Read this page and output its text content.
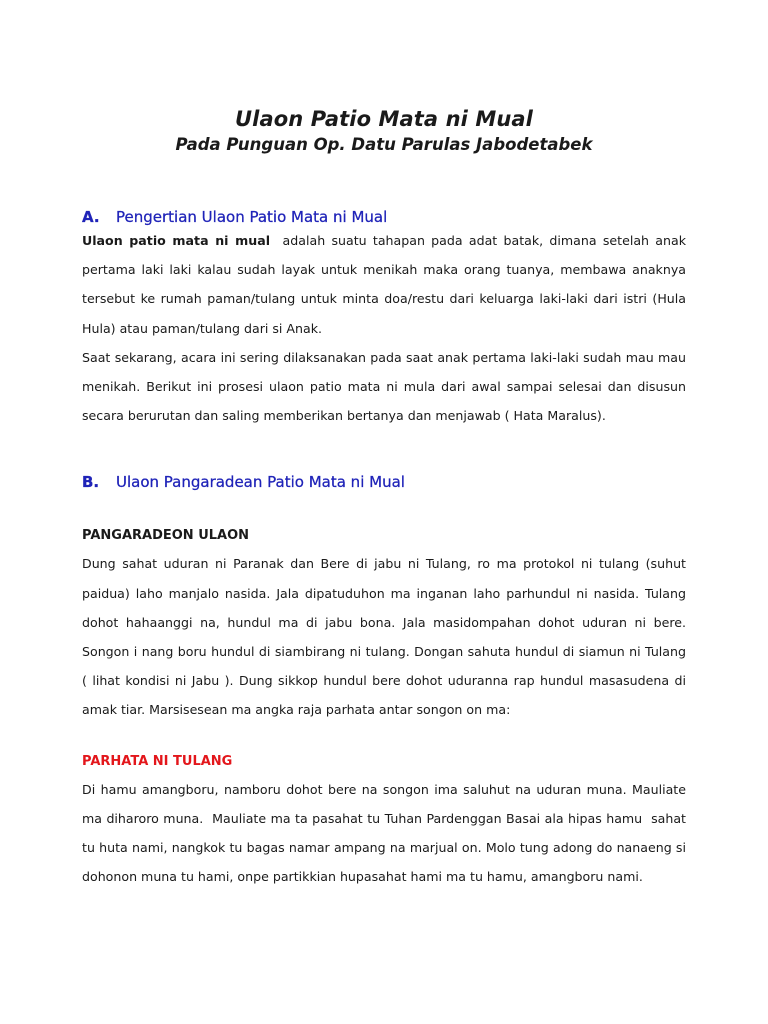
Ulaon Patio Mata ni Mual
Pada Punguan Op. Datu Parulas Jabodetabek
A.	Pengertian Ulaon Patio Mata ni Mual

Ulaon patio mata ni mual  adalah suatu tahapan pada adat batak, dimana setelah anak pertama laki laki kalau sudah layak untuk menikah maka orang tuanya, membawa anaknya tersebut ke rumah paman/tulang untuk minta doa/restu dari keluarga laki-laki dari istri (Hula Hula) atau paman/tulang dari si Anak.

Saat sekarang, acara ini sering dilaksanakan pada saat anak pertama laki-laki sudah mau mau menikah. Berikut ini prosesi ulaon patio mata ni mula dari awal sampai selesai dan disusun secara berurutan dan saling memberikan bertanya dan menjawab ( Hata Maralus).

B.	Ulaon Pangaradean Patio Mata ni Mual
PANGARADEON ULAON

Dung sahat uduran ni Paranak dan Bere di jabu ni Tulang, ro ma protokol ni tulang (suhut paidua) laho manjalo nasida. Jala dipatuduhon ma inganan laho parhundul ni nasida. Tulang dohot hahaanggi na, hundul ma di jabu bona. Jala masidompahan dohot uduran ni bere. Songon i nang boru hundul di siambirang ni tulang. Dongan sahuta hundul di siamun ni Tulang ( lihat kondisi ni Jabu ). Dung sikkop hundul bere dohot uduranna rap hundul masasudena di amak tiar. Marsisesean ma angka raja parhata antar songon on ma:

PARHATA NI TULANG

Di hamu amangboru, namboru dohot bere na songon ima saluhut na uduran muna. Mauliate ma diharoro muna.  Mauliate ma ta pasahat tu Tuhan Pardenggan Basai ala hipas hamu  sahat tu huta nami, nangkok tu bagas namar ampang na marjual on. Molo tung adong do nanaeng si dohonon muna tu hami, onpe partikkian hupasahat hami ma tu hamu, amangboru nami.
